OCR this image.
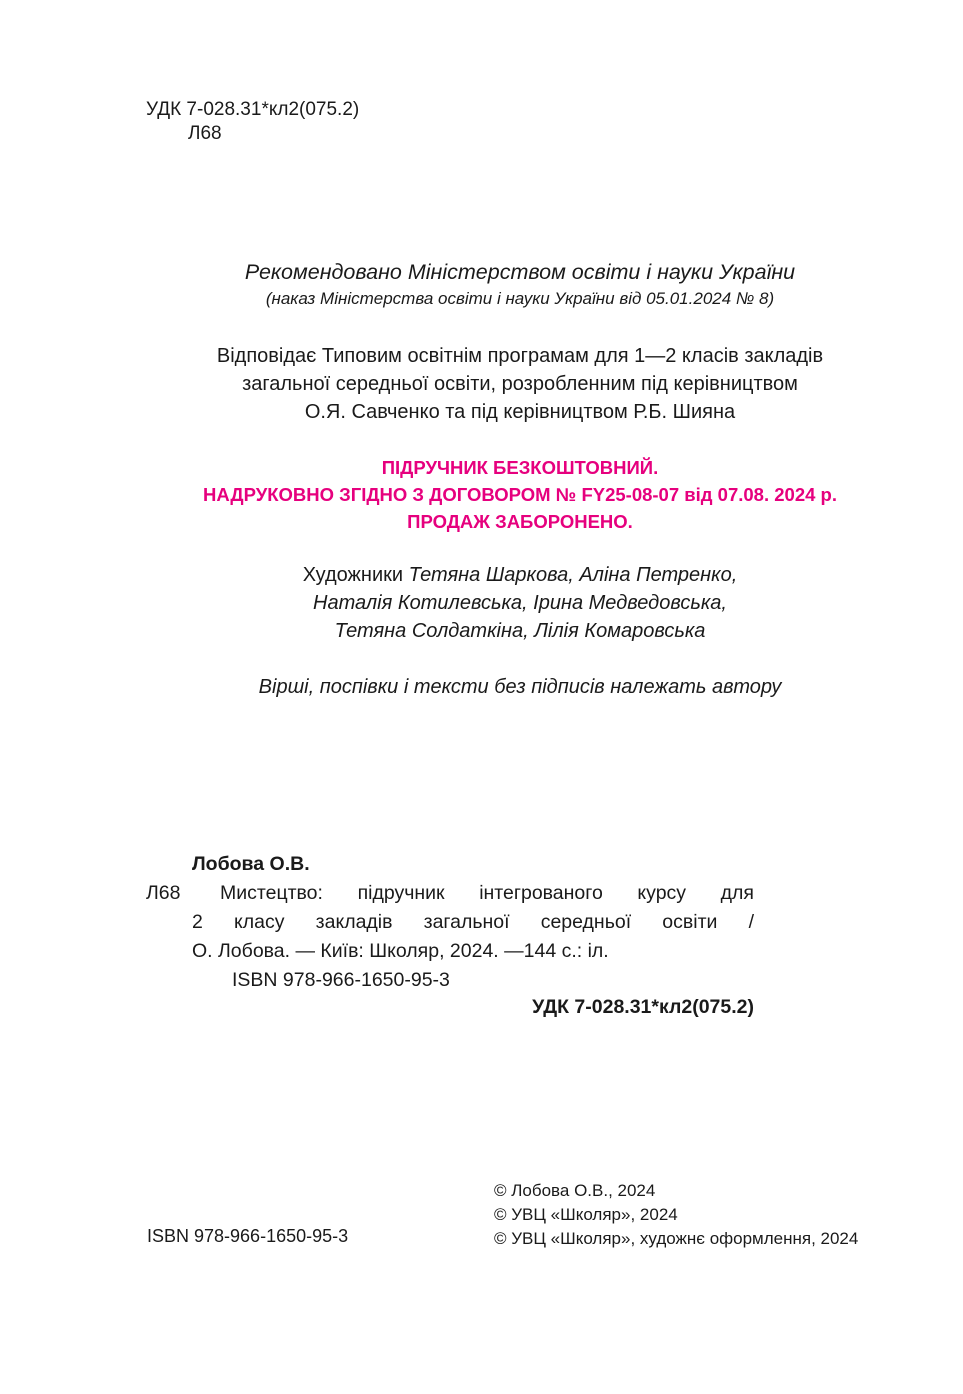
УДК 7-028.31*кл2(075.2)
Л68
Рекомендовано Міністерством освіти і науки України
(наказ Міністерства освіти і науки України від 05.01.2024 № 8)
Відповідає Типовим освітнім програмам для 1—2 класів закладів
загальної середньої освіти, розробленним під керівництвом
О.Я. Савченко та під керівництвом Р.Б. Шияна
ПІДРУЧНИК БЕЗКОШТОВНИЙ.
НАДРУКОВНО ЗГІДНО З ДОГОВОРОМ № FY25-08-07 від 07.08. 2024 р.
ПРОДАЖ ЗАБОРОНЕНО.
Художники Тетяна Шаркова, Аліна Петренко,
Наталія Котилевська, Ірина Медведовська,
Тетяна Солдаткіна, Лілія Комаровська
Вірші, поспівки і тексти без підписів належать автору
Лобова О.В.
Л68	Мистецтво: підручник інтегрованого курсу для
2 класу закладів загальної середньої освіти /
О. Лобова. — Київ: Школяр, 2024. —144 с.: іл.
ISBN 978-966-1650-95-3
УДК 7-028.31*кл2(075.2)
ISBN 978-966-1650-95-3
© Лобова О.В., 2024
© УВЦ «Школяр», 2024
© УВЦ «Школяр», художнє оформлення, 2024
